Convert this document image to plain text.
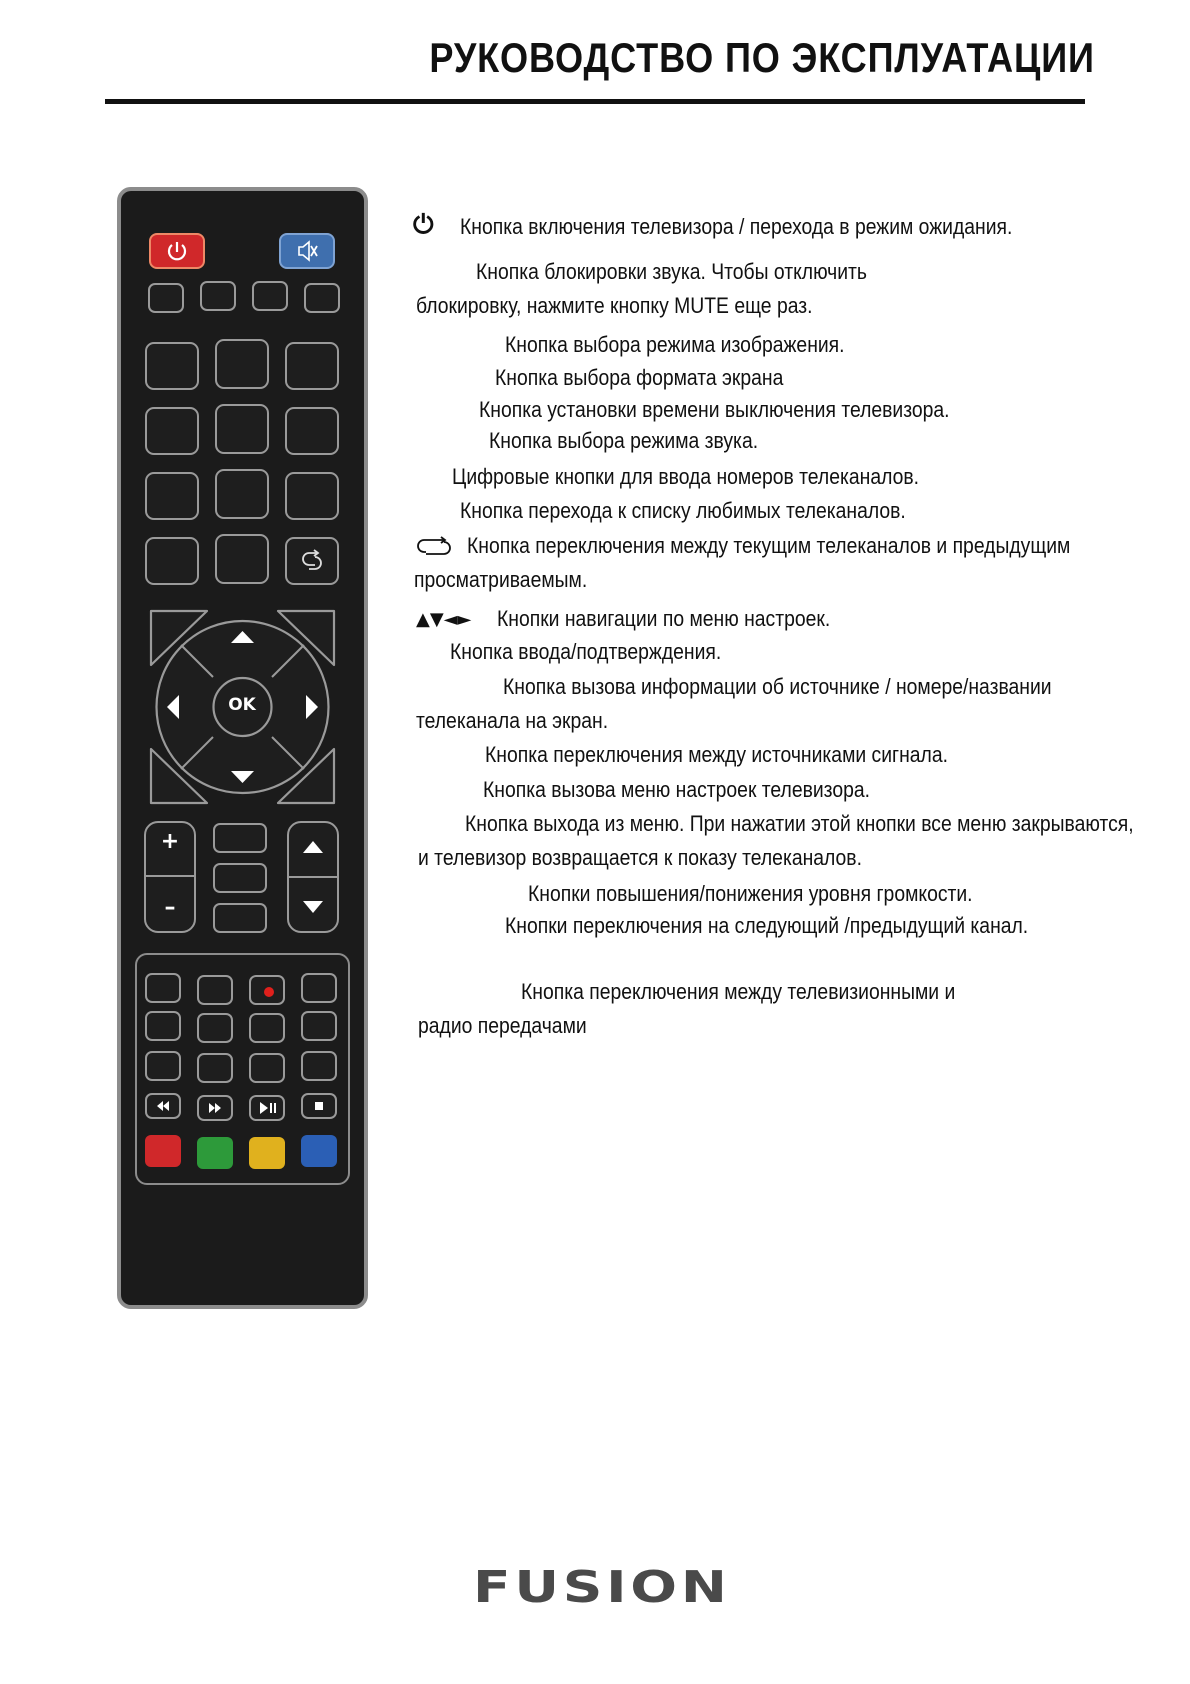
РУКОВОДСТВО ПО ЭКСПЛУАТАЦИИ
OK
+
–
⏻ Кнопка включения телевизора / перехода в режим ожидания.
Кнопка блокировки звука. Чтобы отключить
блокировку, нажмите кнопку MUTE еще раз.
Кнопка выбора режима изображения.
Кнопка выбора формата экрана
Кнопка установки времени выключения телевизора.
Кнопка выбора режима звука.
Цифровые кнопки для ввода номеров телеканалов.
Кнопка перехода к списку любимых телеканалов.
Кнопка переключения между текущим телеканалов и предыдущим
просматриваемым.
▲▼◄► Кнопки навигации по меню настроек.
Кнопка ввода/подтверждения.
Кнопка вызова информации об источнике / номере/названии
телеканала на экран.
Кнопка переключения между источниками сигнала.
Кнопка вызова меню настроек телевизора.
Кнопка выхода из меню. При нажатии этой кнопки все меню закрываются,
и телевизор возвращается к показу телеканалов.
Кнопки повышения/понижения уровня громкости.
Кнопки переключения на следующий /предыдущий канал.
Кнопка переключения между телевизионными и
радио передачами
FUSION
